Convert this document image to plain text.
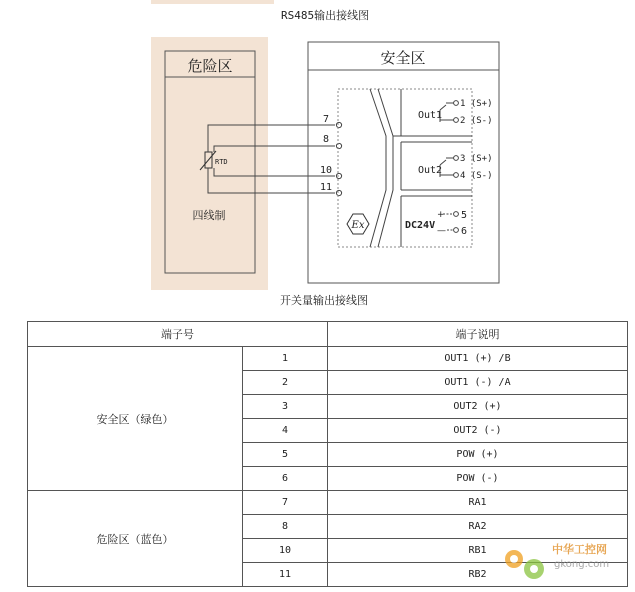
RS485输出接线图
危险区
RTD
四线制
7
8
10
11
安全区
Out1
1 (S+)
2 (S-)
Out2
3 (S+)
4 (S-)
DC24V
+
—
5
6
Ex
开关量输出接线图
端子号		端子说明
安全区（绿色）	1	OUT1 (+) /B
	2	OUT1 (-) /A
	3	OUT2 (+)
	4	OUT2 (-)
	5	POW (+)
	6	POW (-)
危险区（蓝色）	7	RA1
	8	RA2
	10	RB1
	11	RB2
中华工控网
gkong.com
